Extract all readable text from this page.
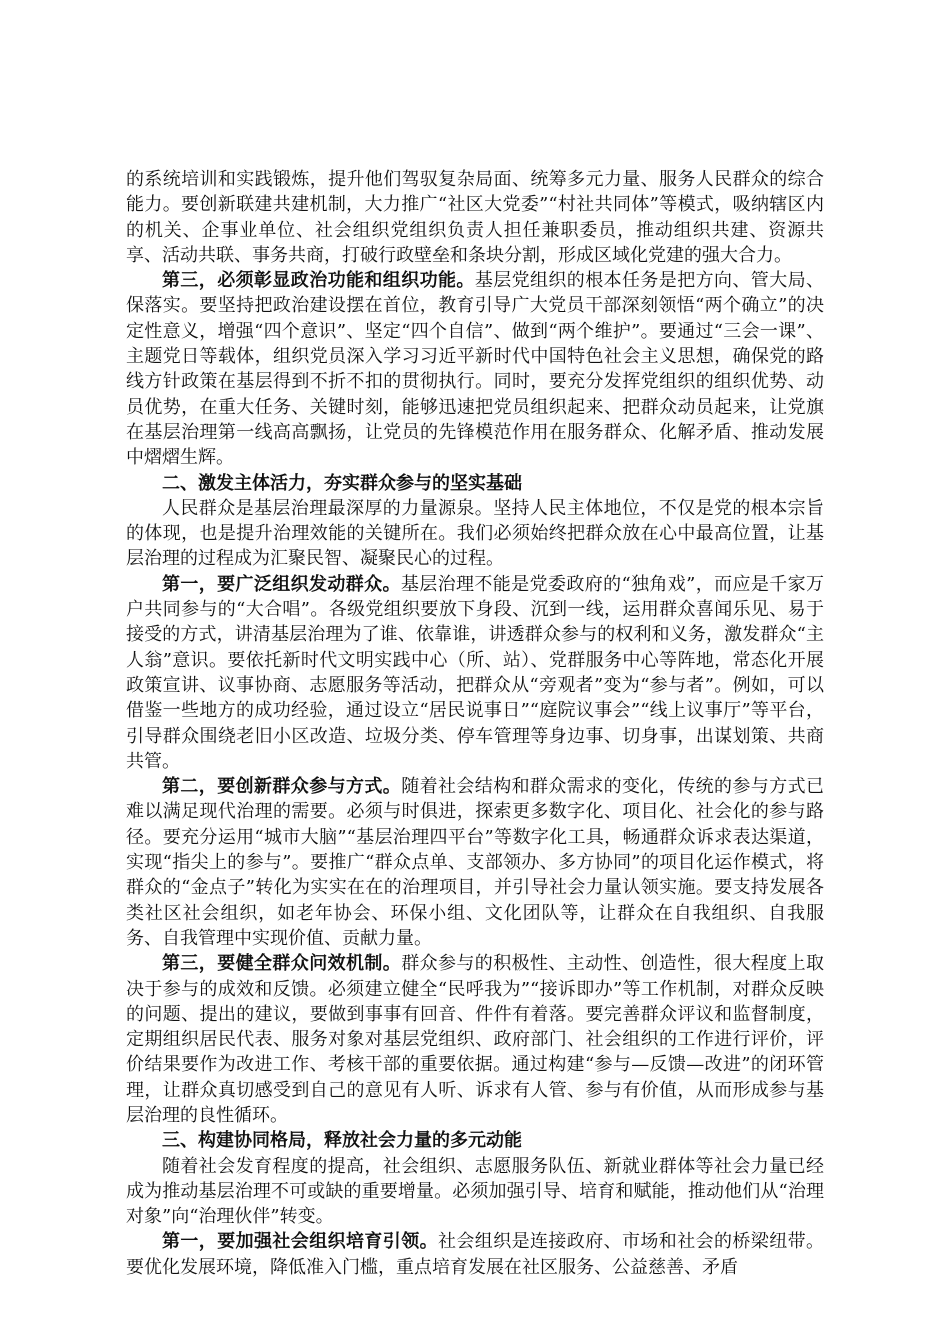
的系统培训和实践锻炼，提升他们驾驭复杂局面、统筹多元力量、服务人民群众的综合能力。要创新联建共建机制，大力推广“社区大党委”“村社共同体”等模式，吸纳辖区内的机关、企事业单位、社会组织党组织负责人担任兼职委员，推动组织共建、资源共享、活动共联、事务共商，打破行政壁垒和条块分割，形成区域化党建的强大合力。

第三，必须彰显政治功能和组织功能。基层党组织的根本任务是把方向、管大局、保落实。要坚持把政治建设摆在首位，教育引导广大党员干部深刻领悟“两个确立”的决定性意义，增强“四个意识”、坚定“四个自信”、做到“两个维护”。要通过“三会一课”、主题党日等载体，组织党员深入学习习近平新时代中国特色社会主义思想，确保党的路线方针政策在基层得到不折不扣的贯彻执行。同时，要充分发挥党组织的组织优势、动员优势，在重大任务、关键时刻，能够迅速把党员组织起来、把群众动员起来，让党旗在基层治理第一线高高飘扬，让党员的先锋模范作用在服务群众、化解矛盾、推动发展中熠熠生辉。

二、激发主体活力，夯实群众参与的坚实基础

人民群众是基层治理最深厚的力量源泉。坚持人民主体地位，不仅是党的根本宗旨的体现，也是提升治理效能的关键所在。我们必须始终把群众放在心中最高位置，让基层治理的过程成为汇聚民智、凝聚民心的过程。

第一，要广泛组织发动群众。基层治理不能是党委政府的“独角戏”，而应是千家万户共同参与的“大合唱”。各级党组织要放下身段、沉到一线，运用群众喜闻乐见、易于接受的方式，讲清基层治理为了谁、依靠谁，讲透群众参与的权利和义务，激发群众“主人翁”意识。要依托新时代文明实践中心（所、站）、党群服务中心等阵地，常态化开展政策宣讲、议事协商、志愿服务等活动，把群众从“旁观者”变为“参与者”。例如，可以借鉴一些地方的成功经验，通过设立“居民说事日”“庭院议事会”“线上议事厅”等平台，引导群众围绕老旧小区改造、垃圾分类、停车管理等身边事、切身事，出谋划策、共商共管。

第二，要创新群众参与方式。随着社会结构和群众需求的变化，传统的参与方式已难以满足现代治理的需要。必须与时俱进，探索更多数字化、项目化、社会化的参与路径。要充分运用“城市大脑”“基层治理四平台”等数字化工具，畅通群众诉求表达渠道，实现“指尖上的参与”。要推广“群众点单、支部领办、多方协同”的项目化运作模式，将群众的“金点子”转化为实实在在的治理项目，并引导社会力量认领实施。要支持发展各类社区社会组织，如老年协会、环保小组、文化团队等，让群众在自我组织、自我服务、自我管理中实现价值、贡献力量。

第三，要健全群众问效机制。群众参与的积极性、主动性、创造性，很大程度上取决于参与的成效和反馈。必须建立健全“民呼我为”“接诉即办”等工作机制，对群众反映的问题、提出的建议，要做到事事有回音、件件有着落。要完善群众评议和监督制度，定期组织居民代表、服务对象对基层党组织、政府部门、社会组织的工作进行评价，评价结果要作为改进工作、考核干部的重要依据。通过构建“参与—反馈—改进”的闭环管理，让群众真切感受到自己的意见有人听、诉求有人管、参与有价值，从而形成参与基层治理的良性循环。

三、构建协同格局，释放社会力量的多元动能

随着社会发育程度的提高，社会组织、志愿服务队伍、新就业群体等社会力量已经成为推动基层治理不可或缺的重要增量。必须加强引导、培育和赋能，推动他们从“治理对象”向“治理伙伴”转变。

第一，要加强社会组织培育引领。社会组织是连接政府、市场和社会的桥梁纽带。要优化发展环境，降低准入门槛，重点培育发展在社区服务、公益慈善、矛盾
